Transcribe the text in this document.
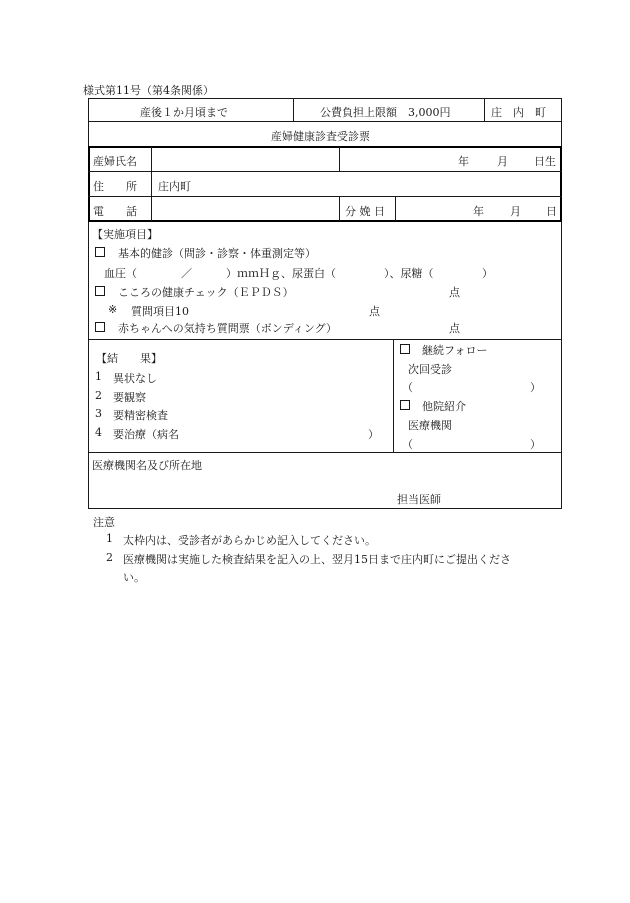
様式第11号（第4条関係）
産後１か月頃まで	公費負担上限額　3,000円	庄　内　町
産婦健康診査受診票
産婦氏名	年	月 日生
住　　所 庄内町
電　　話	分 娩 日	年 月 日
【実施項目】
基本的健診（問診・診察・体重測定等）
血圧（	／	）ｍｍＨｇ、尿蛋白（	）、尿糖（	）
こころの健康チェック（ＥＰＤＳ）	点
※ 質問項目10	点
赤ちゃんへの気持ち質問票（ボンディング）	点
【結　　果】
1 異状なし
2 要観察
3 要精密検査
4 要治療（病名	）
継続フォロー
次回受診
（	）
他院紹介
医療機関
（	）
医療機関名及び所在地
担当医師
注意
1 太枠内は、受診者があらかじめ記入してください。
2 医療機関は実施した検査結果を記入の上、翌月15日まで庄内町にご提出くださ
い。
